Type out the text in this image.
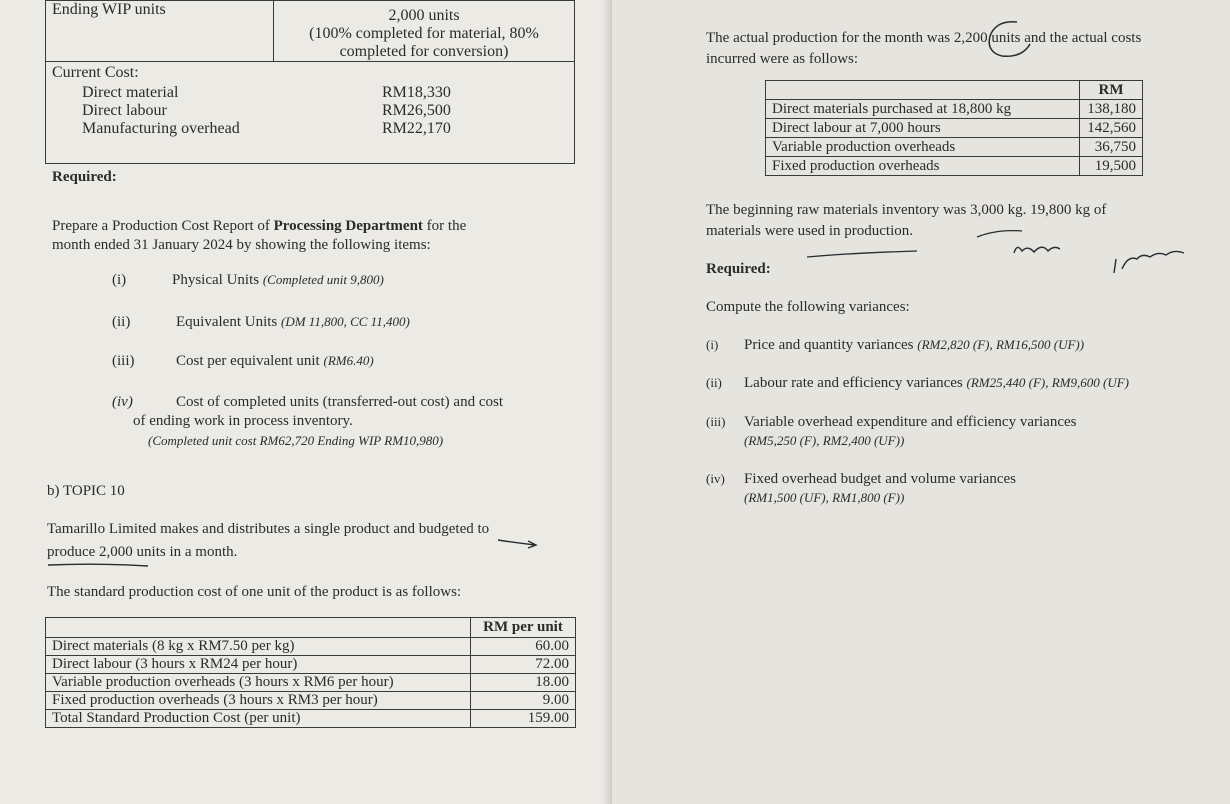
Ending WIP units	2,000 units
(100% completed for material, 80%
completed for conversion)

Current Cost:
Direct material	RM18,330
Direct labour	RM26,500
Manufacturing overhead	RM22,170
Required:
Prepare a Production Cost Report of Processing Department for the
month ended 31 January 2024 by showing the following items:
(i)	Physical Units (Completed unit 9,800)
(ii)	Equivalent Units (DM 11,800, CC 11,400)
(iii)	Cost per equivalent unit (RM6.40)
(iv)	Cost of completed units (transferred-out cost) and cost
of ending work in process inventory.
(Completed unit cost RM62,720 Ending WIP RM10,980)
b) TOPIC 10
Tamarillo Limited makes and distributes a single product and budgeted to
produce 2,000 units in a month.
The standard production cost of one unit of the product is as follows:
	RM per unit
Direct materials (8 kg x RM7.50 per kg)	60.00
Direct labour (3 hours x RM24 per hour)	72.00
Variable production overheads (3 hours x RM6 per hour)	18.00
Fixed production overheads (3 hours x RM3 per hour)	9.00
Total Standard Production Cost (per unit)	159.00
The actual production for the month was 2,200 units and the actual costs
incurred were as follows:
	RM
Direct materials purchased at 18,800 kg	138,180
Direct labour at 7,000 hours	142,560
Variable production overheads	36,750
Fixed production overheads	19,500
The beginning raw materials inventory was 3,000 kg. 19,800 kg of
materials were used in production.
Required:
Compute the following variances:
(i) Price and quantity variances (RM2,820 (F), RM16,500 (UF))
(ii) Labour rate and efficiency variances (RM25,440 (F), RM9,600 (UF)
(iii) Variable overhead expenditure and efficiency variances
(RM5,250 (F), RM2,400 (UF))
(iv) Fixed overhead budget and volume variances
(RM1,500 (UF), RM1,800 (F))
